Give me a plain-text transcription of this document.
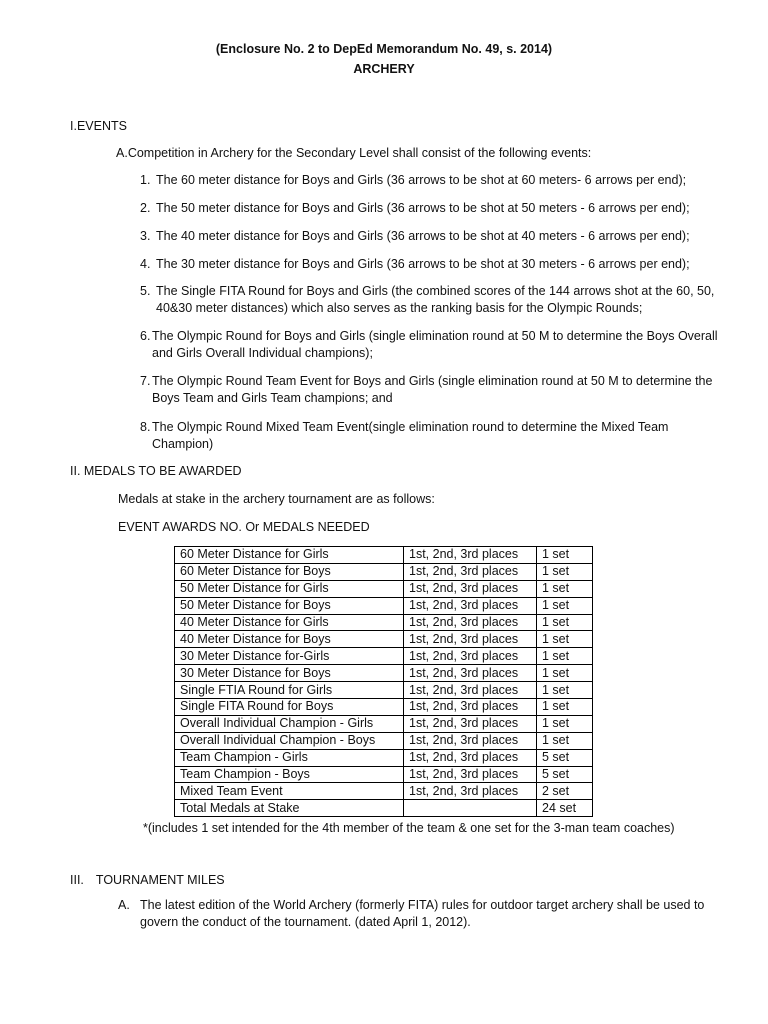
(Enclosure No. 2 to DepEd Memorandum No. 49, s. 2014)
ARCHERY
I.EVENTS
A.Competition in Archery for the Secondary Level shall consist of the following events:
1. The 60 meter distance for Boys and Girls (36 arrows to be shot at 60 meters- 6 arrows per end);
2. The 50 meter distance for Boys and Girls (36 arrows to be shot at 50 meters - 6 arrows per end);
3. The 40 meter distance for Boys and Girls (36 arrows to be shot at 40 meters - 6 arrows per end);
4. The 30 meter distance for Boys and Girls (36 arrows to be shot at 30 meters - 6 arrows per end);
5. The Single FITA Round for Boys and Girls (the combined scores of the 144 arrows shot at the 60, 50, 40&30 meter distances) which also serves as the ranking basis for the Olympic Rounds;
6. The Olympic Round for Boys and Girls (single elimination round at 50 M to determine the Boys Overall and Girls Overall Individual champions);
7. The Olympic Round Team Event for Boys and Girls (single elimination round at 50 M to determine the Boys Team and Girls Team champions; and
8. The Olympic Round Mixed Team Event(single elimination round to determine the Mixed Team Champion)
II. MEDALS TO BE AWARDED
Medals at stake in the archery tournament are as follows:
EVENT AWARDS NO. Or MEDALS NEEDED
60 Meter Distance for Girls	1st, 2nd, 3rd places	1 set
60 Meter Distance for Boys	1st, 2nd, 3rd places	1 set
50 Meter Distance for Girls	1st, 2nd, 3rd places	1 set
50 Meter Distance for Boys	1st, 2nd, 3rd places	1 set
40 Meter Distance for Girls	1st, 2nd, 3rd places	1 set
40 Meter Distance for Boys	1st, 2nd, 3rd places	1 set
30 Meter Distance for-Girls	1st, 2nd, 3rd places	1 set
30 Meter Distance for Boys	1st, 2nd, 3rd places	1 set
Single FTIA Round for Girls	1st, 2nd, 3rd places	1 set
Single FITA Round for Boys	1st, 2nd, 3rd places	1 set
Overall Individual Champion - Girls	1st, 2nd, 3rd places	1 set
Overall Individual Champion - Boys	1st, 2nd, 3rd places	1 set
Team Champion - Girls	1st, 2nd, 3rd places	5 set
Team Champion - Boys	1st, 2nd, 3rd places	5 set
Mixed Team Event	1st, 2nd, 3rd places	2 set
Total Medals at Stake		24 set
*(includes 1 set intended for the 4th member of the team & one set for the 3-man team coaches)
III. TOURNAMENT MILES
A. The latest edition of the World Archery (formerly FITA) rules for outdoor target archery shall be used to govern the conduct of the tournament. (dated April 1, 2012).
